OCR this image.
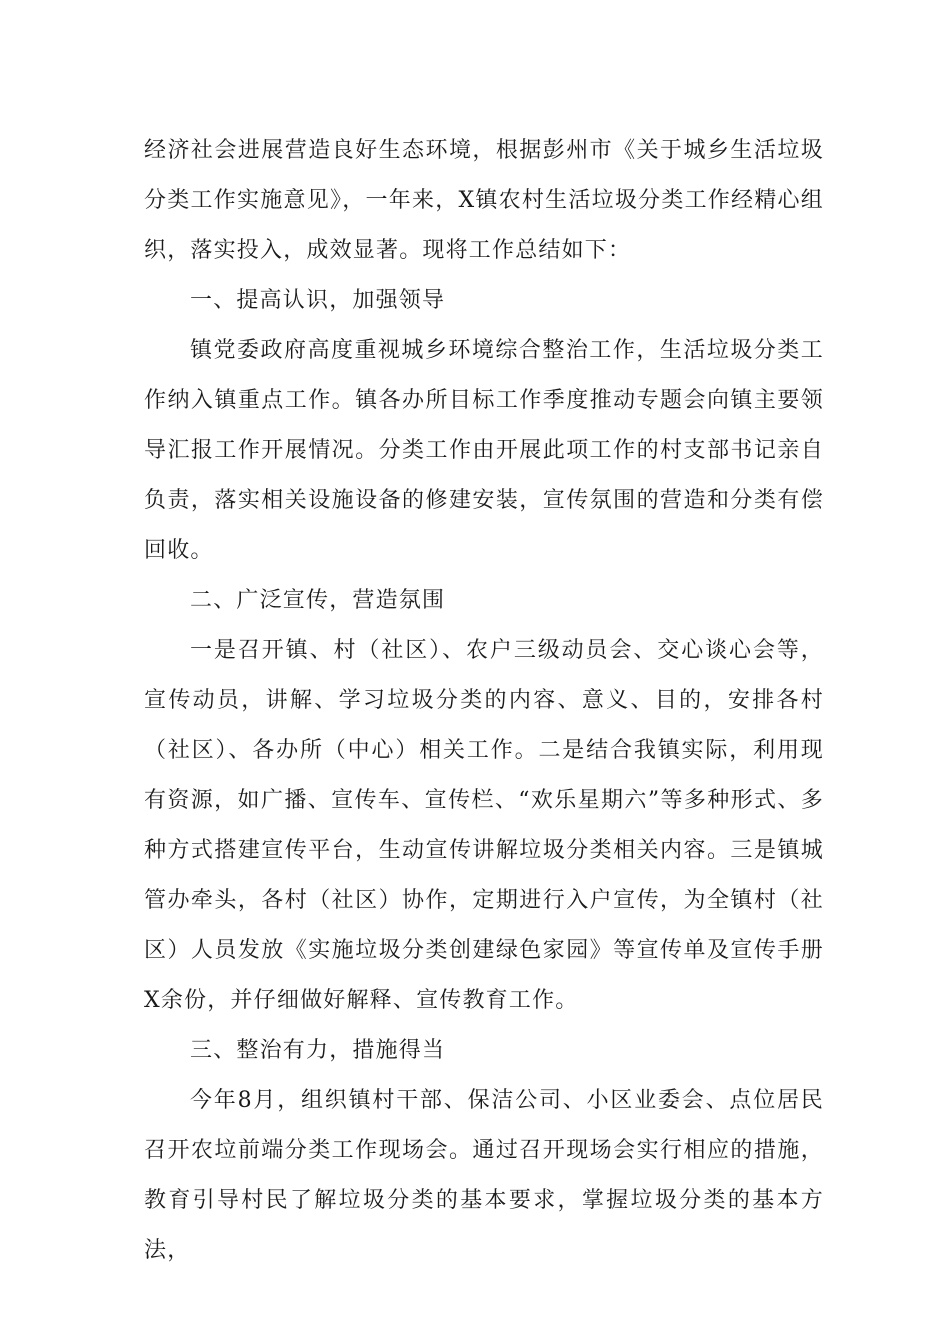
经济社会进展营造良好生态环境，根据彭州市《关于城乡生活垃圾分类工作实施意见》，一年来，X镇农村生活垃圾分类工作经精心组织，落实投入，成效显著。现将工作总结如下：

一、提高认识，加强领导

镇党委政府高度重视城乡环境综合整治工作，生活垃圾分类工作纳入镇重点工作。镇各办所目标工作季度推动专题会向镇主要领导汇报工作开展情况。分类工作由开展此项工作的村支部书记亲自负责，落实相关设施设备的修建安装，宣传氛围的营造和分类有偿回收。

二、广泛宣传，营造氛围

一是召开镇、村（社区）、农户三级动员会、交心谈心会等，宣传动员，讲解、学习垃圾分类的内容、意义、目的，安排各村（社区）、各办所（中心）相关工作。二是结合我镇实际，利用现有资源，如广播、宣传车、宣传栏、“欢乐星期六”等多种形式、多种方式搭建宣传平台，生动宣传讲解垃圾分类相关内容。三是镇城管办牵头，各村（社区）协作，定期进行入户宣传，为全镇村（社区）人员发放《实施垃圾分类创建绿色家园》等宣传单及宣传手册X余份，并仔细做好解释、宣传教育工作。

三、整治有力，措施得当

今年8月，组织镇村干部、保洁公司、小区业委会、点位居民召开农垃前端分类工作现场会。通过召开现场会实行相应的措施，教育引导村民了解垃圾分类的基本要求，掌握垃圾分类的基本方法，
